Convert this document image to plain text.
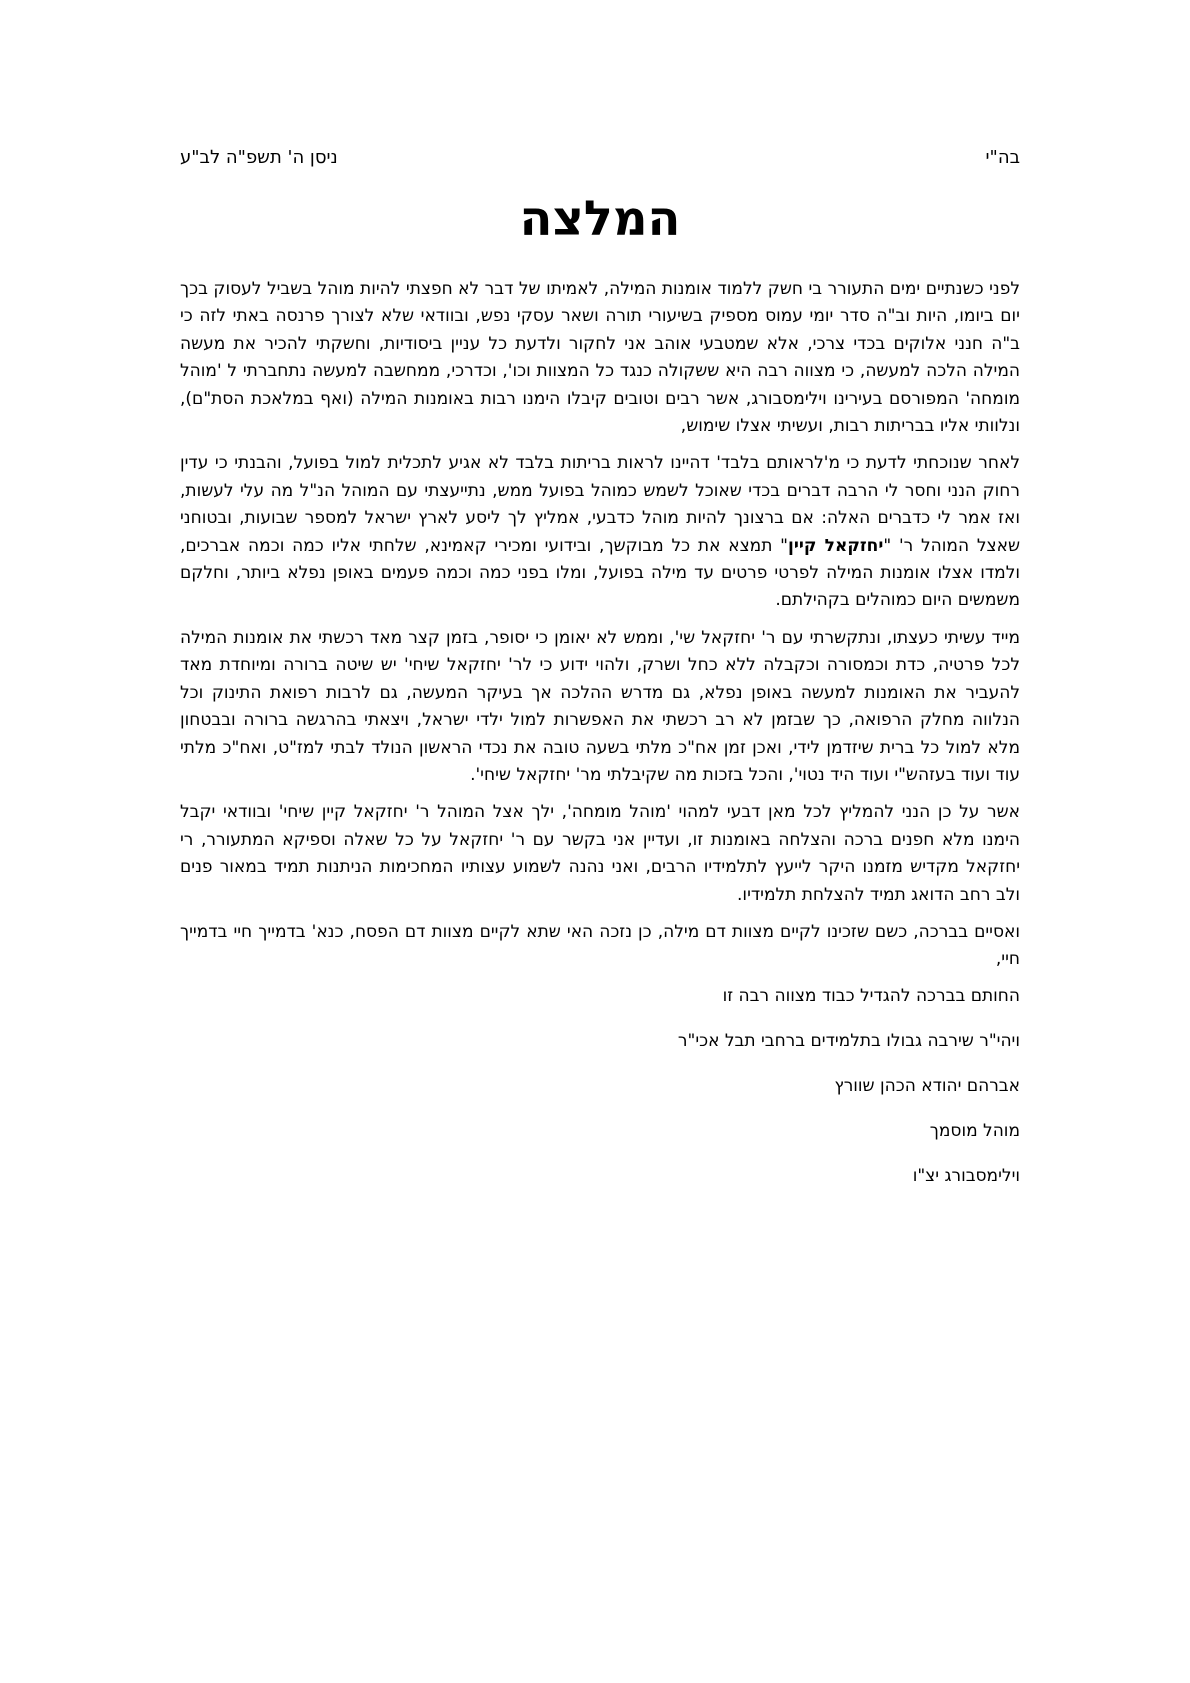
בה"י
ניסן ה' תשפ"ה לב"ע
המלצה

לפני כשנתיים ימים התעורר בי חשק ללמוד אומנות המילה, לאמיתו של דבר לא חפצתי להיות מוהל בשביל לעסוק בכך יום ביומו, היות וב"ה סדר יומי עמוס מספיק בשיעורי תורה ושאר עסקי נפש, ובוודאי שלא לצורך פרנסה באתי לזה כי ב"ה חנני אלוקים בכדי צרכי, אלא שמטבעי אוהב אני לחקור ולדעת כל עניין ביסודיות, וחשקתי להכיר את מעשה המילה הלכה למעשה, כי מצווה רבה היא ששקולה כנגד כל המצוות וכו', וכדרכי, ממחשבה למעשה נתחברתי ל 'מוהל מומחה' המפורסם בעירינו וילימסבורג, אשר רבים וטובים קיבלו הימנו רבות באומנות המילה (ואף במלאכת הסת"ם), ונלוותי אליו בבריתות רבות, ועשיתי אצלו שימוש,

לאחר שנוכחתי לדעת כי מ'לראותם בלבד' דהיינו לראות בריתות בלבד לא אגיע לתכלית למול בפועל, והבנתי כי עדין רחוק הנני וחסר לי הרבה דברים בכדי שאוכל לשמש כמוהל בפועל ממש, נתייעצתי עם המוהל הנ"ל מה עלי לעשות, ואז אמר לי כדברים האלה: אם ברצונך להיות מוהל כדבעי, אמליץ לך ליסע לארץ ישראל למספר שבועות, ובטוחני שאצל המוהל ר' "יחזקאל קיין" תמצא את כל מבוקשך, ובידועי ומכירי קאמינא, שלחתי אליו כמה וכמה אברכים, ולמדו אצלו אומנות המילה לפרטי פרטים עד מילה בפועל, ומלו בפני כמה וכמה פעמים באופן נפלא ביותר, וחלקם משמשים היום כמוהלים בקהילתם.

מייד עשיתי כעצתו, ונתקשרתי עם ר' יחזקאל שי', וממש לא יאומן כי יסופר, בזמן קצר מאד רכשתי את אומנות המילה לכל פרטיה, כדת וכמסורה וכקבלה ללא כחל ושרק, ולהוי ידוע כי לר' יחזקאל שיחי' יש שיטה ברורה ומיוחדת מאד להעביר את האומנות למעשה באופן נפלא, גם מדרש ההלכה אך בעיקר המעשה, גם לרבות רפואת התינוק וכל הנלווה מחלק הרפואה, כך שבזמן לא רב רכשתי את האפשרות למול ילדי ישראל, ויצאתי בהרגשה ברורה ובבטחון מלא למול כל ברית שיזדמן לידי, ואכן זמן אח"כ מלתי בשעה טובה את נכדי הראשון הנולד לבתי למז"ט, ואח"כ מלתי עוד ועוד בעזהש"י ועוד היד נטוי', והכל בזכות מה שקיבלתי מר' יחזקאל שיחי'.

אשר על כן הנני להמליץ לכל מאן דבעי למהוי 'מוהל מומחה', ילך אצל המוהל ר' יחזקאל קיין שיחי' ובוודאי יקבל הימנו מלא חפנים ברכה והצלחה באומנות זו, ועדיין אני בקשר עם ר' יחזקאל על כל שאלה וספיקא המתעורר, רי יחזקאל מקדיש מזמנו היקר לייעץ לתלמידיו הרבים, ואני נהנה לשמוע עצותיו המחכימות הניתנות תמיד במאור פנים ולב רחב הדואג תמיד להצלחת תלמידיו.

ואסיים בברכה, כשם שזכינו לקיים מצוות דם מילה, כן נזכה האי שתא לקיים מצוות דם הפסח, כנא' בדמייך חיי בדמייך חיי,

החותם בברכה להגדיל כבוד מצווה רבה זו
ויהי"ר שירבה גבולו בתלמידים ברחבי תבל אכי"ר
אברהם יהודא הכהן שוורץ
מוהל מוסמך
וילימסבורג יצ"ו
